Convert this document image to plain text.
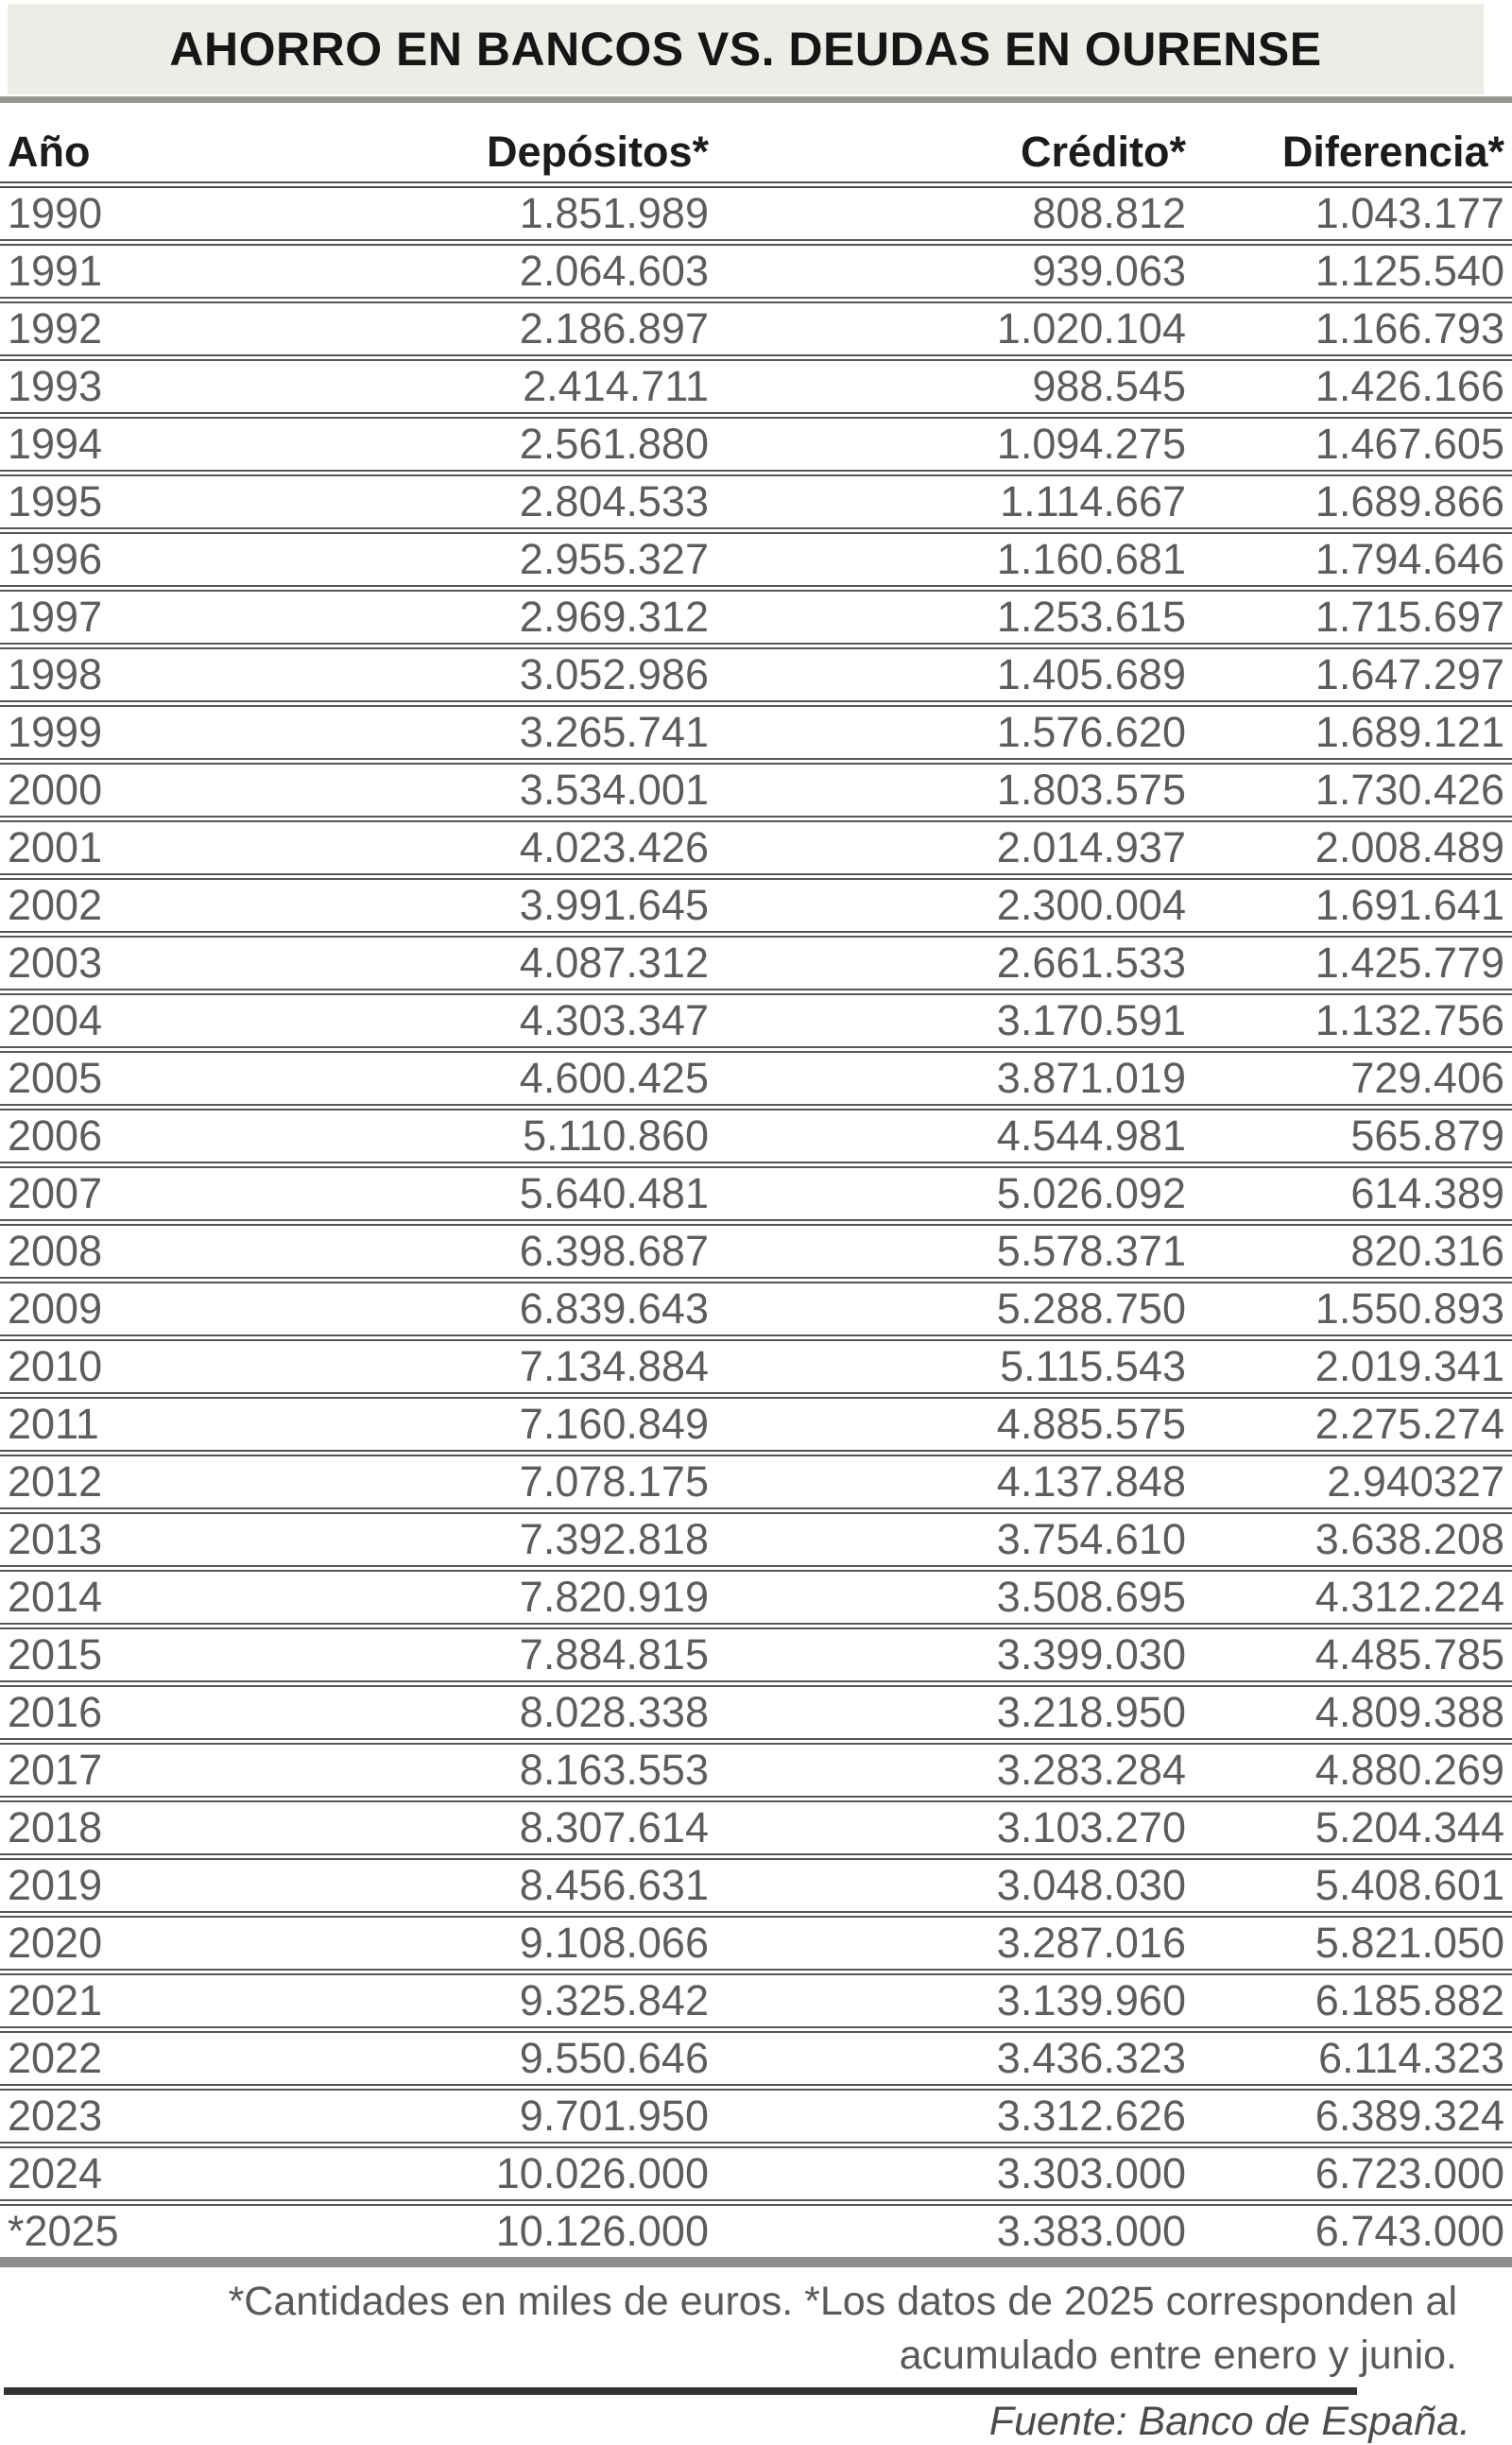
AHORRO EN BANCOS VS. DEUDAS EN OURENSE
Año	Depósitos*	Crédito*	Diferencia*
1990	1.851.989	808.812	1.043.177
1991	2.064.603	939.063	1.125.540
1992	2.186.897	1.020.104	1.166.793
1993	2.414.711	988.545	1.426.166
1994	2.561.880	1.094.275	1.467.605
1995	2.804.533	1.114.667	1.689.866
1996	2.955.327	1.160.681	1.794.646
1997	2.969.312	1.253.615	1.715.697
1998	3.052.986	1.405.689	1.647.297
1999	3.265.741	1.576.620	1.689.121
2000	3.534.001	1.803.575	1.730.426
2001	4.023.426	2.014.937	2.008.489
2002	3.991.645	2.300.004	1.691.641
2003	4.087.312	2.661.533	1.425.779
2004	4.303.347	3.170.591	1.132.756
2005	4.600.425	3.871.019	729.406
2006	5.110.860	4.544.981	565.879
2007	5.640.481	5.026.092	614.389
2008	6.398.687	5.578.371	820.316
2009	6.839.643	5.288.750	1.550.893
2010	7.134.884	5.115.543	2.019.341
2011	7.160.849	4.885.575	2.275.274
2012	7.078.175	4.137.848	2.940327
2013	7.392.818	3.754.610	3.638.208
2014	7.820.919	3.508.695	4.312.224
2015	7.884.815	3.399.030	4.485.785
2016	8.028.338	3.218.950	4.809.388
2017	8.163.553	3.283.284	4.880.269
2018	8.307.614	3.103.270	5.204.344
2019	8.456.631	3.048.030	5.408.601
2020	9.108.066	3.287.016	5.821.050
2021	9.325.842	3.139.960	6.185.882
2022	9.550.646	3.436.323	6.114.323
2023	9.701.950	3.312.626	6.389.324
2024	10.026.000	3.303.000	6.723.000
*2025	10.126.000	3.383.000	6.743.000
*Cantidades en miles de euros. *Los datos de 2025 corresponden al
acumulado entre enero y junio.
Fuente: Banco de España.
